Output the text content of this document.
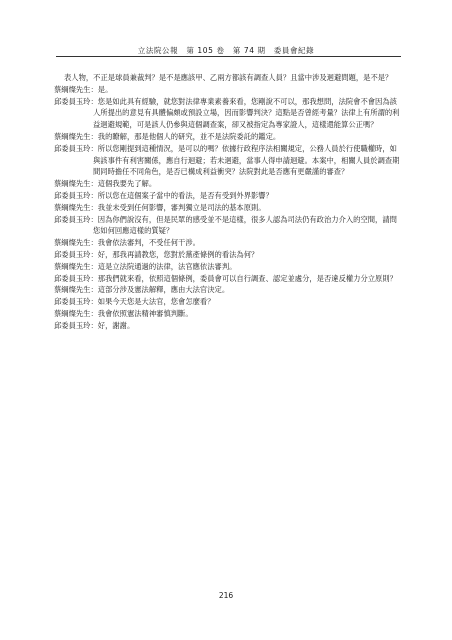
立法院公報　第 105 卷　第 74 期　委員會紀錄

表人物，不正是球員兼裁判？是不是應該甲、乙兩方都該有調查人員？且當中涉及迴避問題，是不是？

蔡綱燦先生：是。

邱委員玉玲：您是如此具有經驗，就您對法律專業素養來看，您剛說不可以，那我想問，法院會不會因為該人所提出的意見有具體偏頗或預設立場，因而影響判決？這點是否曾經考量？法律上有所謂的利益迴避規範，可是該人仍參與這個調查案，卻又被指定為專家證人，這樣還能算公正嗎？

蔡綱燦先生：我的瞭解，那是他個人的研究，並不是法院委託的鑑定。

邱委員玉玲：所以您剛提到這種情況，是可以的嗎？依據行政程序法相關規定，公務人員於行使職權時，如與該事件有利害關係，應自行迴避；若未迴避，當事人得申請迴避。本案中，相關人員於調查期間同時擔任不同角色，是否已構成利益衝突？法院對此是否應有更嚴謹的審查？

蔡綱燦先生：這個我要先了解。

邱委員玉玲：所以您在這個案子當中的看法，是否有受到外界影響？

蔡綱燦先生：我並未受到任何影響，審判獨立是司法的基本原則。

邱委員玉玲：因為你們說沒有，但是民眾的感受並不是這樣，很多人認為司法仍有政治力介入的空間，請問您如何回應這樣的質疑？

蔡綱燦先生：我會依法審判，不受任何干涉。

邱委員玉玲：好，那我再請教您，您對於黨產條例的看法為何？

蔡綱燦先生：這是立法院通過的法律，法官應依法審判。

邱委員玉玲：那我們就來看，依照這個條例，委員會可以自行調查、認定並處分，是否違反權力分立原則？

蔡綱燦先生：這部分涉及憲法解釋，應由大法官決定。

邱委員玉玲：如果今天您是大法官，您會怎麼看？

蔡綱燦先生：我會依照憲法精神審慎判斷。

邱委員玉玲：好，謝謝。

216
